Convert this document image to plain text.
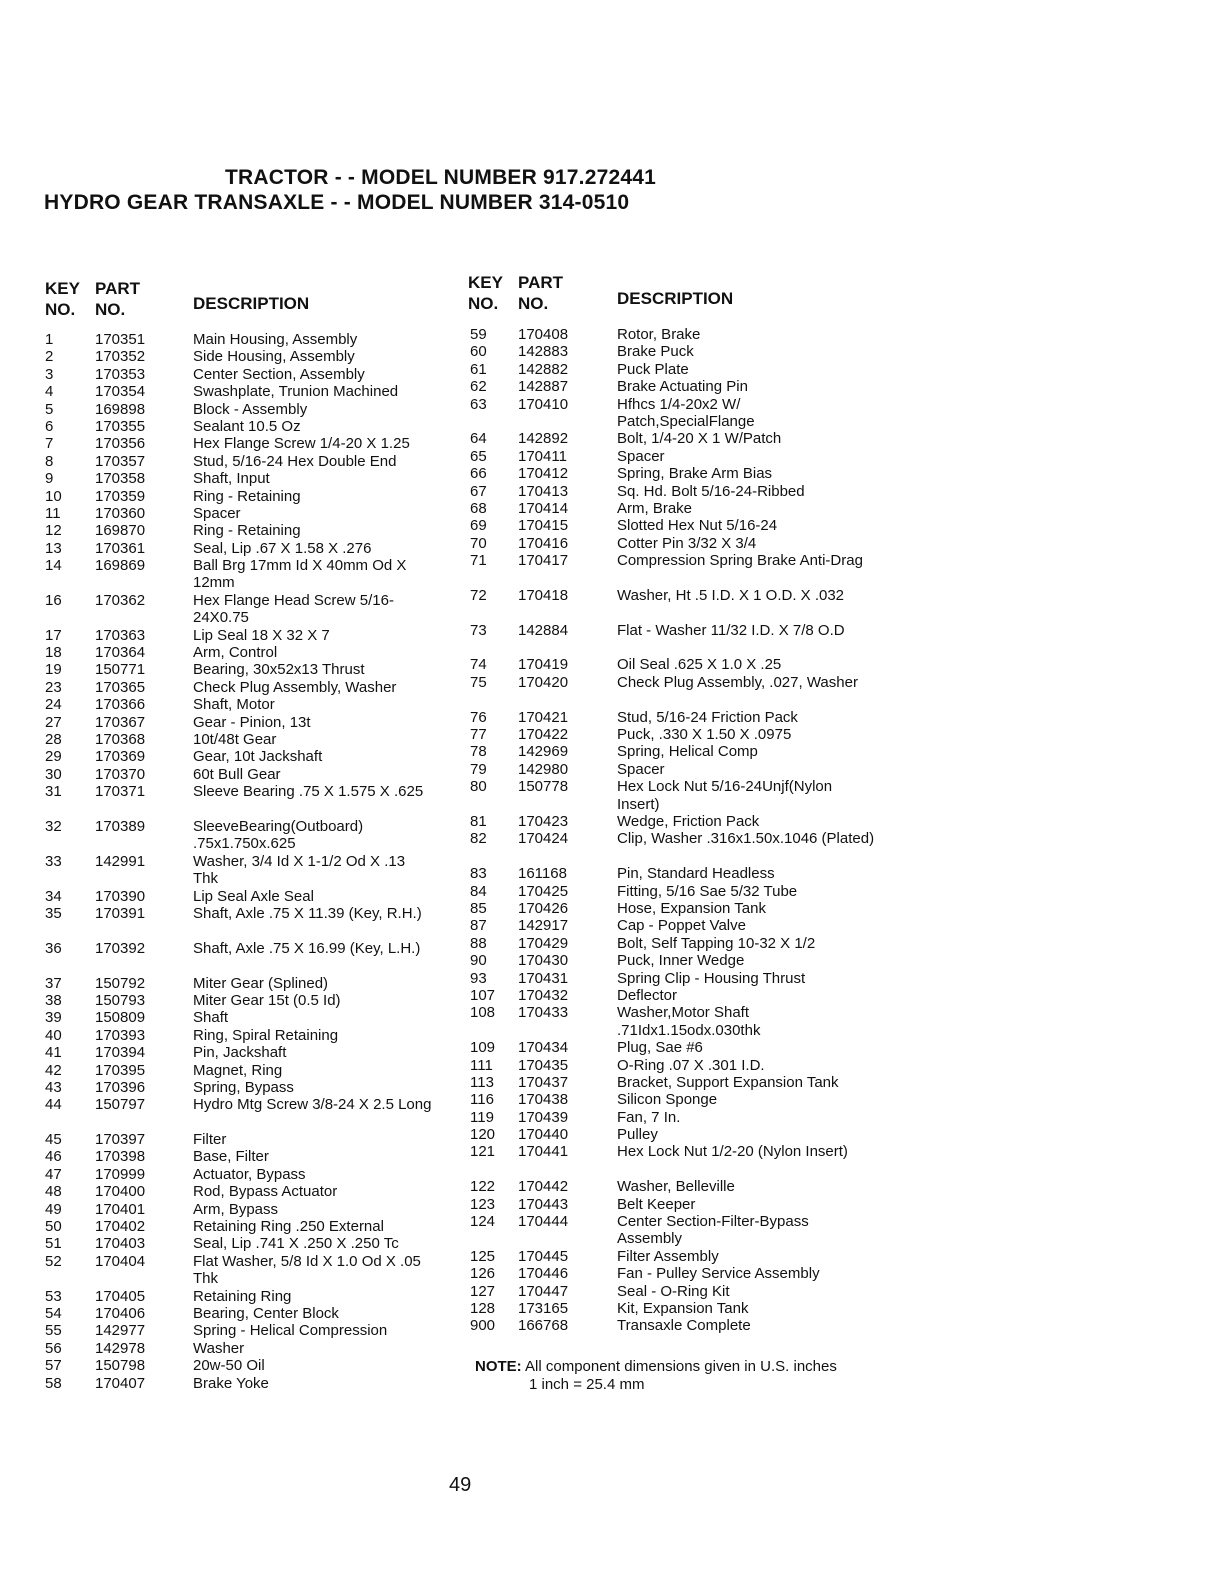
TRACTOR - - MODEL NUMBER 917.272441
HYDRO GEAR TRANSAXLE - - MODEL NUMBER 314-0510
KEY
NO.
PART
NO.	DESCRIPTION
KEY
NO.
PART
NO.	DESCRIPTION
1	170351	Main Housing, Assembly
2	170352	Side Housing, Assembly
3	170353	Center Section, Assembly
4	170354	Swashplate, Trunion Machined
5	169898	Block - Assembly
6	170355	Sealant 10.5 Oz
7	170356	Hex Flange Screw 1/4-20 X 1.25
8	170357	Stud, 5/16-24 Hex Double End
9	170358	Shaft, Input
10 170359	Ring - Retaining
11 170360	Spacer
12 169870	Ring - Retaining
13 170361	Seal, Lip .67 X 1.58 X .276
14 169869	Ball Brg 17mm Id X 40mm Od X 12mm
16 170362	Hex Flange Head Screw 5/16-24X0.75
17 170363	Lip Seal 18 X 32 X 7
18 170364	Arm, Control
19 150771	Bearing, 30x52x13 Thrust
23 170365	Check Plug Assembly, Washer
24 170366	Shaft, Motor
27 170367	Gear - Pinion, 13t
28 170368	10t/48t Gear
29 170369	Gear, 10t Jackshaft
30 170370	60t Bull Gear
31 170371	Sleeve Bearing .75 X 1.575 X .625
32 170389	SleeveBearing(Outboard) .75x1.750x.625
33 142991	Washer, 3/4 Id X 1-1/2 Od X .13 Thk
34 170390	Lip Seal Axle Seal
35 170391	Shaft, Axle .75 X 11.39 (Key, R.H.)
36 170392	Shaft, Axle .75 X 16.99 (Key, L.H.)
37 150792	Miter Gear (Splined)
38 150793	Miter Gear 15t (0.5 Id)
39 150809	Shaft
40 170393	Ring, Spiral Retaining
41 170394	Pin, Jackshaft
42 170395	Magnet, Ring
43 170396	Spring, Bypass
44 150797	Hydro Mtg Screw 3/8-24 X 2.5 Long
45 170397	Filter
46 170398	Base, Filter
47 170999	Actuator, Bypass
48 170400	Rod, Bypass Actuator
49 170401	Arm, Bypass
50 170402	Retaining Ring .250 External
51 170403	Seal, Lip .741 X .250 X .250 Tc
52 170404	Flat Washer, 5/8 Id X 1.0 Od X .05 Thk
53 170405	Retaining Ring
54 170406	Bearing, Center Block
55 142977	Spring - Helical Compression
56 142978	Washer
57 150798	20w-50 Oil
58 170407	Brake Yoke
59 170408	Rotor, Brake
60 142883	Brake Puck
61 142882	Puck Plate
62 142887	Brake Actuating Pin
63 170410	Hfhcs 1/4-20x2 W/ Patch,SpecialFlange
64 142892	Bolt, 1/4-20 X 1 W/Patch
65 170411	Spacer
66 170412	Spring, Brake Arm Bias
67 170413	Sq. Hd. Bolt 5/16-24-Ribbed
68 170414	Arm, Brake
69 170415	Slotted Hex Nut 5/16-24
70 170416	Cotter Pin 3/32 X 3/4
71 170417	Compression Spring Brake Anti-Drag
72 170418	Washer, Ht .5 I.D. X 1 O.D. X .032
73 142884	Flat - Washer 11/32 I.D. X 7/8 O.D
74 170419	Oil Seal .625 X 1.0 X .25
75 170420	Check Plug Assembly, .027, Washer
76 170421	Stud, 5/16-24 Friction Pack
77 170422	Puck, .330 X 1.50 X .0975
78 142969	Spring, Helical Comp
79 142980	Spacer
80 150778	Hex Lock Nut 5/16-24Unjf(Nylon Insert)
81 170423	Wedge, Friction Pack
82 170424	Clip, Washer .316x1.50x.1046 (Plated)
83 161168	Pin, Standard Headless
84 170425	Fitting, 5/16 Sae 5/32 Tube
85 170426	Hose, Expansion Tank
87 142917	Cap - Poppet Valve
88 170429	Bolt, Self Tapping 10-32 X 1/2
90 170430	Puck, Inner Wedge
93 170431	Spring Clip - Housing Thrust
107 170432	Deflector
108 170433	Washer,Motor Shaft .71Idx1.15odx.030thk
109 170434	Plug, Sae #6
111 170435	O-Ring .07 X .301 I.D.
113 170437	Bracket, Support Expansion Tank
116 170438	Silicon Sponge
119 170439	Fan, 7 In.
120 170440	Pulley
121 170441	Hex Lock Nut 1/2-20 (Nylon Insert)
122 170442	Washer, Belleville
123 170443	Belt Keeper
124 170444	Center Section-Filter-Bypass Assembly
125 170445	Filter Assembly
126 170446	Fan - Pulley Service Assembly
127 170447	Seal - O-Ring Kit
128 173165	Kit, Expansion Tank
900 166768	Transaxle Complete
NOTE: All component dimensions given in U.S. inches
1 inch = 25.4 mm
49
